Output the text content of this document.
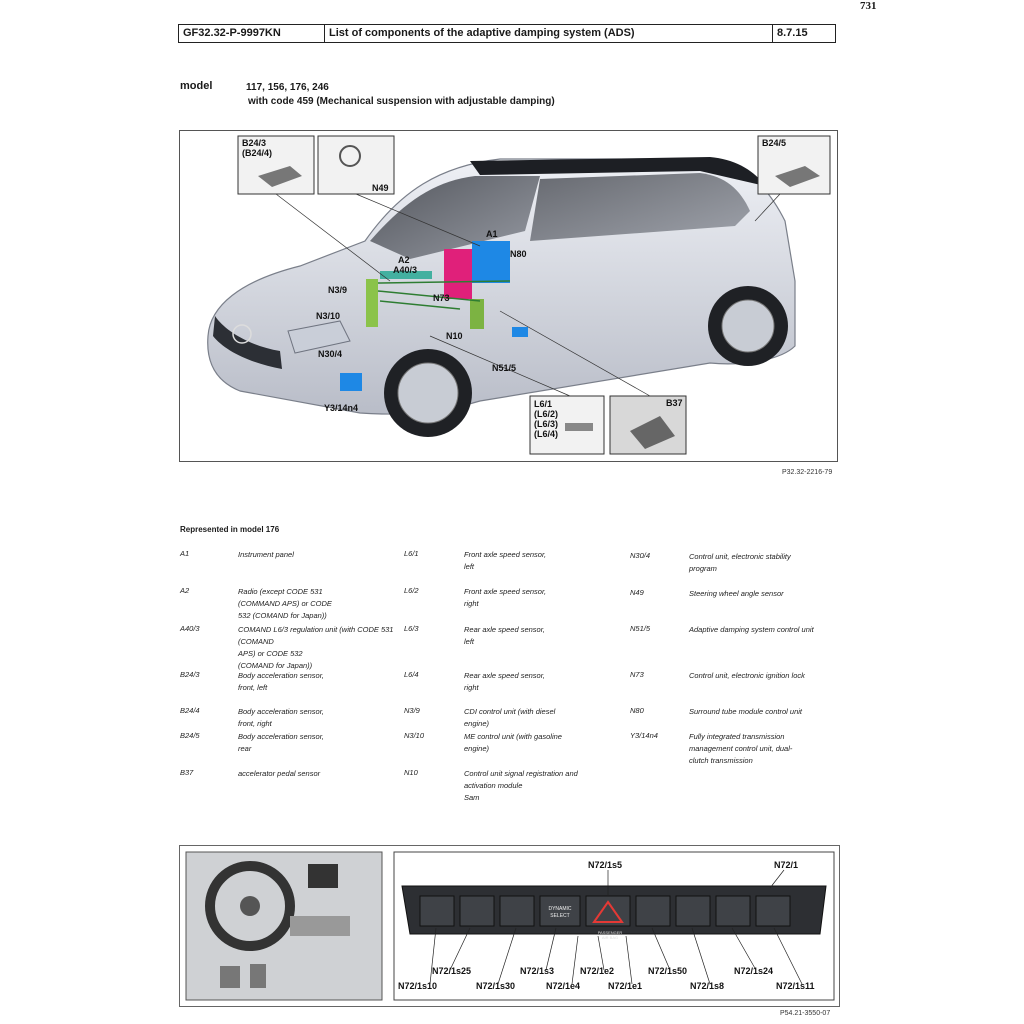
731
GF32.32-P-9997KN	List of components of the adaptive damping system (ADS)	8.7.15
model	117, 156, 176, 246
with code 459 (Mechanical suspension with adjustable damping)
B24/3
(B24/4)
N49
B24/5
A1
N80
A2
A40/3
N3/9
N73
N3/10
N10
N30/4
N51/5
Y3/14n4	L6/1
(L6/2)
(L6/3)
(L6/4)
B37
P32.32-2216-79
Represented in model 176
A1	Instrument panel
A2	Radio (except CODE 531
(COMMAND APS) or CODE
532 (COMAND for Japan))
A40/3	COMAND L6/3 regulation unit (with CODE 531
(COMAND
APS) or CODE 532
(COMAND for Japan))
B24/3	Body acceleration sensor,
front, left
B24/4	Body acceleration sensor,
front, right
B24/5	Body acceleration sensor,
rear
B37	accelerator pedal sensor
L6/1	Front axle speed sensor,
left
L6/2	Front axle speed sensor,
right
L6/3	Rear axle speed sensor,
left
L6/4	Rear axle speed sensor,
right
N3/9	CDI control unit (with diesel
engine)
N3/10	ME control unit (with gasoline
engine)
N10	Control unit signal registration and
activation module
Sam
N30/4	Control unit, electronic stability
program
N49	Steering wheel angle sensor
N51/5	Adaptive damping system control unit
N73	Control unit, electronic ignition lock
N80	Surround tube module control unit
Y3/14n4	Fully integrated transmission
management control unit, dual-
clutch transmission
DYNAMIC
SELECT
PASSENGER
AIR BAG
N72/1s5	N72/1
N72/1s25
N72/1s10	N72/1s30
N72/1s3
N72/1e4
N72/1e2
N72/1e1
N72/1s50
N72/1s8
N72/1s24
N72/1s11
P54.21-3550-07
